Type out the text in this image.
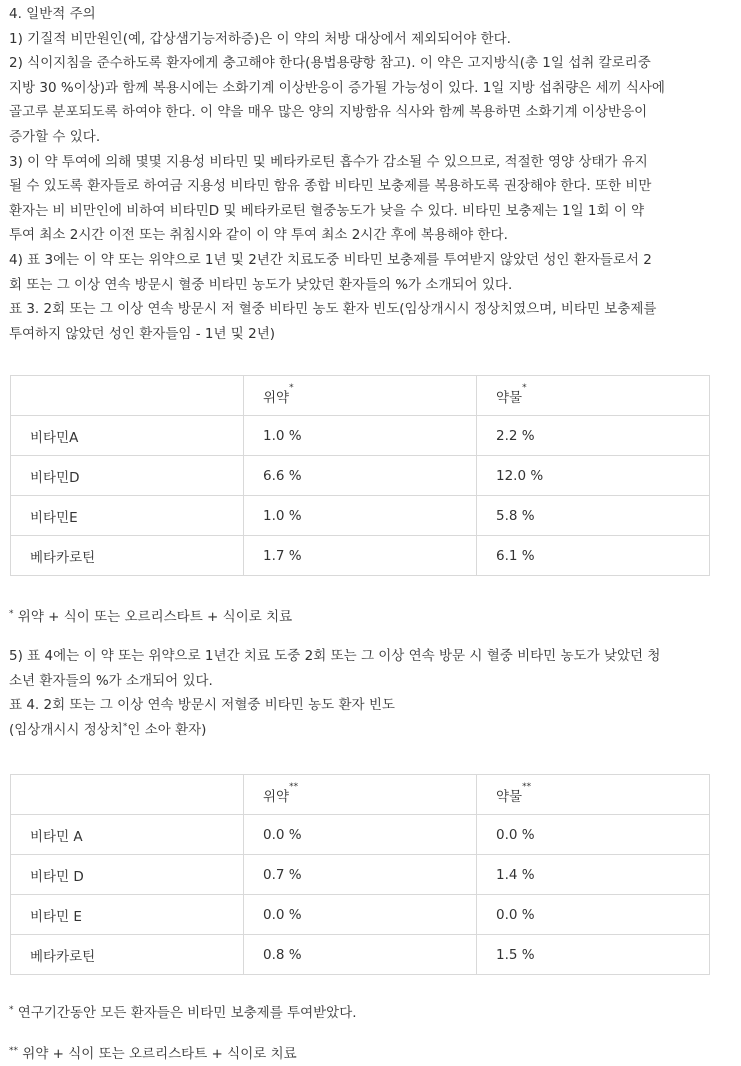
4. 일반적 주의
1) 기질적 비만원인(예, 갑상샘기능저하증)은 이 약의 처방 대상에서 제외되어야 한다.
2) 식이지침을 준수하도록 환자에게 충고해야 한다(용법용량항 참고). 이 약은 고지방식(총 1일 섭취 칼로리중
지방 30 %이상)과 함께 복용시에는 소화기계 이상반응이 증가될 가능성이 있다. 1일 지방 섭취량은 세끼 식사에
골고루 분포되도록 하여야 한다. 이 약을 매우 많은 양의 지방함유 식사와 함께 복용하면 소화기계 이상반응이
증가할 수 있다.
3) 이 약 투여에 의해 몇몇 지용성 비타민 및 베타카로틴 흡수가 감소될 수 있으므로, 적절한 영양 상태가 유지
될 수 있도록 환자들로 하여금 지용성 비타민 함유 종합 비타민 보충제를 복용하도록 권장해야 한다. 또한 비만
환자는 비 비만인에 비하여 비타민D 및 베타카로틴 혈중농도가 낮을 수 있다. 비타민 보충제는 1일 1회 이 약
투여 최소 2시간 이전 또는 취침시와 같이 이 약 투여 최소 2시간 후에 복용해야 한다.
4) 표 3에는 이 약 또는 위약으로 1년 및 2년간 치료도중 비타민 보충제를 투여받지 않았던 성인 환자들로서 2
회 또는 그 이상 연속 방문시 혈중 비타민 농도가 낮았던 환자들의 %가 소개되어 있다.
표 3. 2회 또는 그 이상 연속 방문시 저 혈중 비타민 농도 환자 빈도(임상개시시 정상치였으며, 비타민 보충제를
투여하지 않았던 성인 환자들임 - 1년 및 2년)
	위약*	약물*
비타민A	1.0 %	2.2 %
비타민D	6.6 %	12.0 %
비타민E	1.0 %	5.8 %
베타카로틴	1.7 %	6.1 %
* 위약 + 식이 또는 오르리스타트 + 식이로 치료
5) 표 4에는 이 약 또는 위약으로 1년간 치료 도중 2회 또는 그 이상 연속 방문 시 혈중 비타민 농도가 낮았던 청
소년 환자들의 %가 소개되어 있다.
표 4. 2회 또는 그 이상 연속 방문시 저혈중 비타민 농도 환자 빈도
(임상개시시 정상치*인 소아 환자)
	위약**	약물**
비타민 A	0.0 %	0.0 %
비타민 D	0.7 %	1.4 %
비타민 E	0.0 %	0.0 %
베타카로틴	0.8 %	1.5 %
* 연구기간동안 모든 환자들은 비타민 보충제를 투여받았다.
** 위약 + 식이 또는 오르리스타트 + 식이로 치료
